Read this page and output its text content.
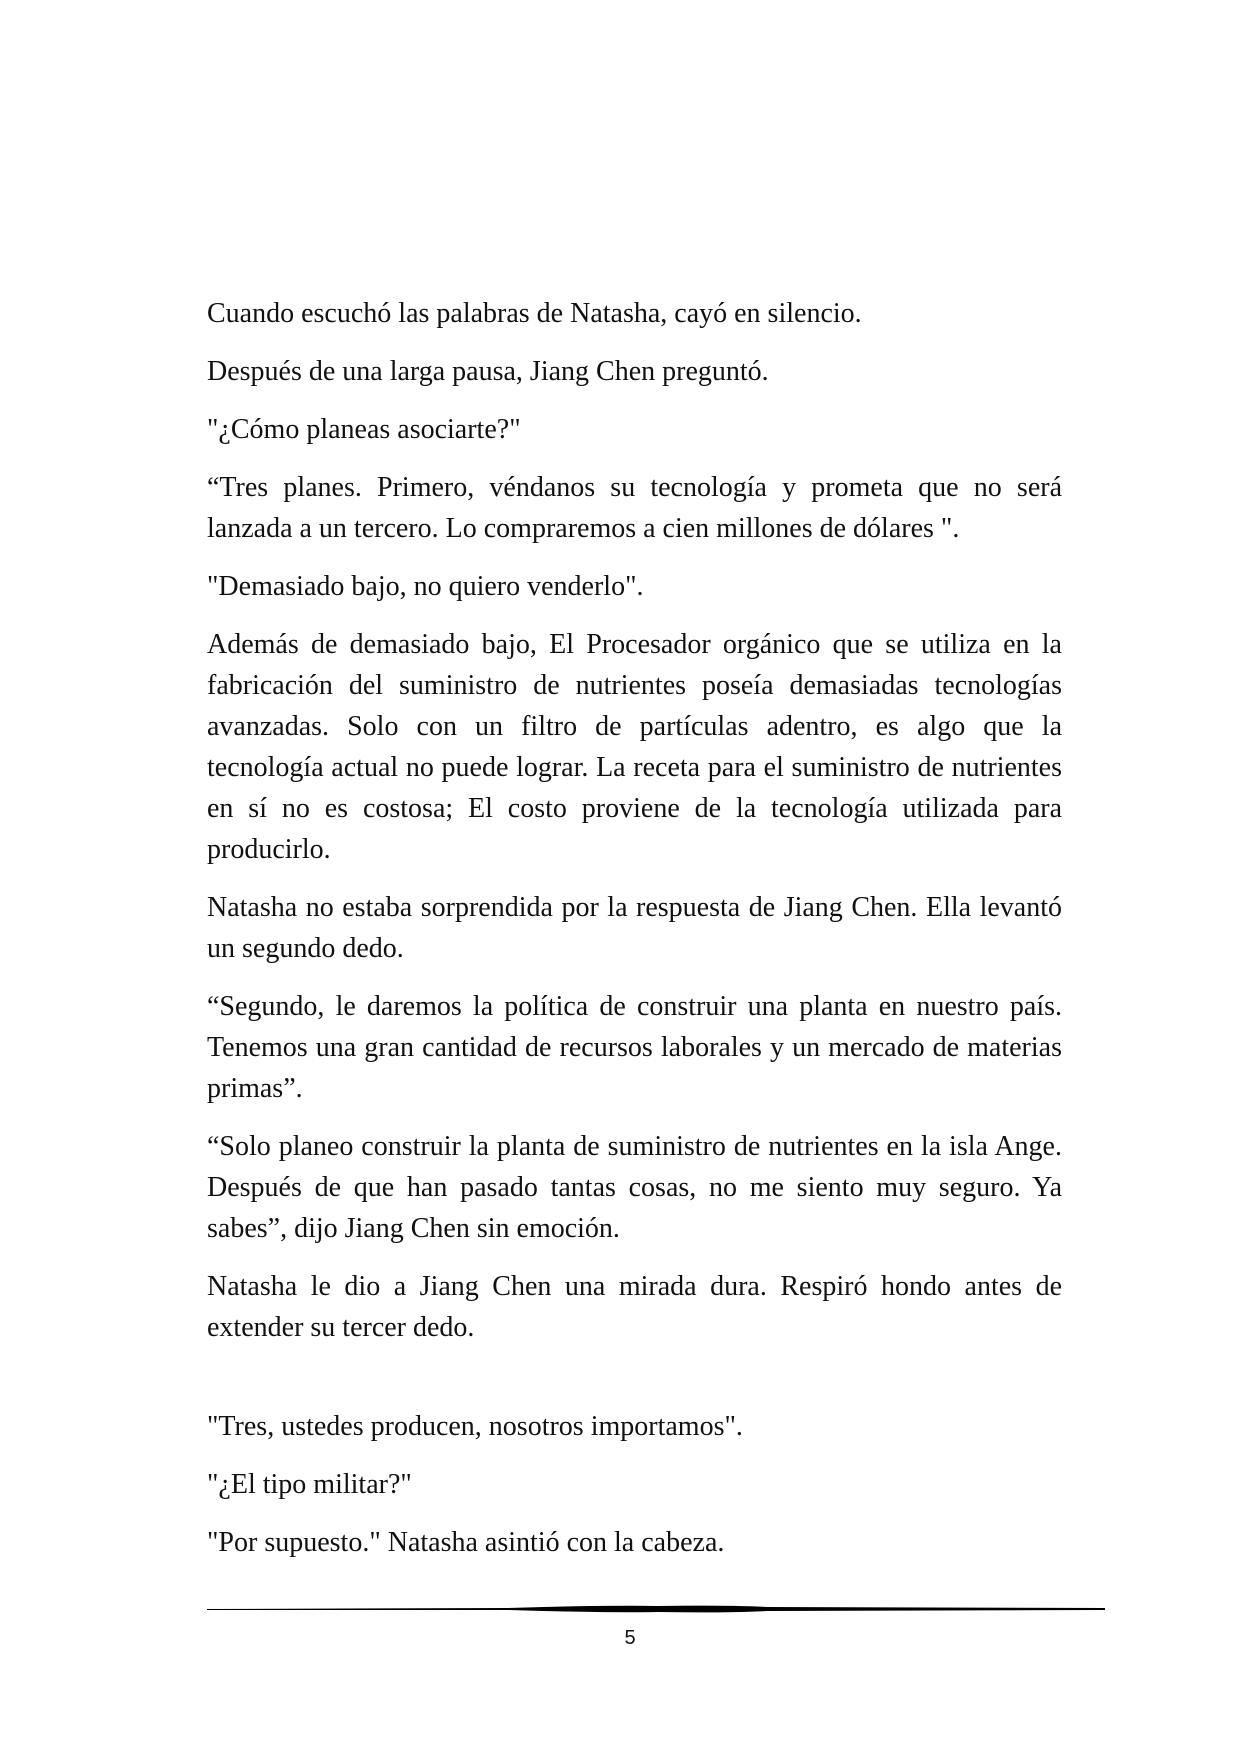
Cuando escuchó las palabras de Natasha, cayó en silencio.

Después de una larga pausa, Jiang Chen preguntó.

"¿Cómo planeas asociarte?"

“Tres planes. Primero, véndanos su tecnología y prometa que no será lanzada a un tercero. Lo compraremos a cien millones de dólares ".

"Demasiado bajo, no quiero venderlo".

Además de demasiado bajo, El Procesador orgánico que se utiliza en la fabricación del suministro de nutrientes poseía demasiadas tecnologías avanzadas. Solo con un filtro de partículas adentro, es algo que la tecnología actual no puede lograr. La receta para el suministro de nutrientes en sí no es costosa; El costo proviene de la tecnología utilizada para producirlo.

Natasha no estaba sorprendida por la respuesta de Jiang Chen. Ella levantó un segundo dedo.

“Segundo, le daremos la política de construir una planta en nuestro país. Tenemos una gran cantidad de recursos laborales y un mercado de materias primas”.

“Solo planeo construir la planta de suministro de nutrientes en la isla Ange. Después de que han pasado tantas cosas, no me siento muy seguro. Ya sabes”, dijo Jiang Chen sin emoción.

Natasha le dio a Jiang Chen una mirada dura. Respiró hondo antes de extender su tercer dedo.

"Tres, ustedes producen, nosotros importamos".

"¿El tipo militar?"

"Por supuesto." Natasha asintió con la cabeza.

5
